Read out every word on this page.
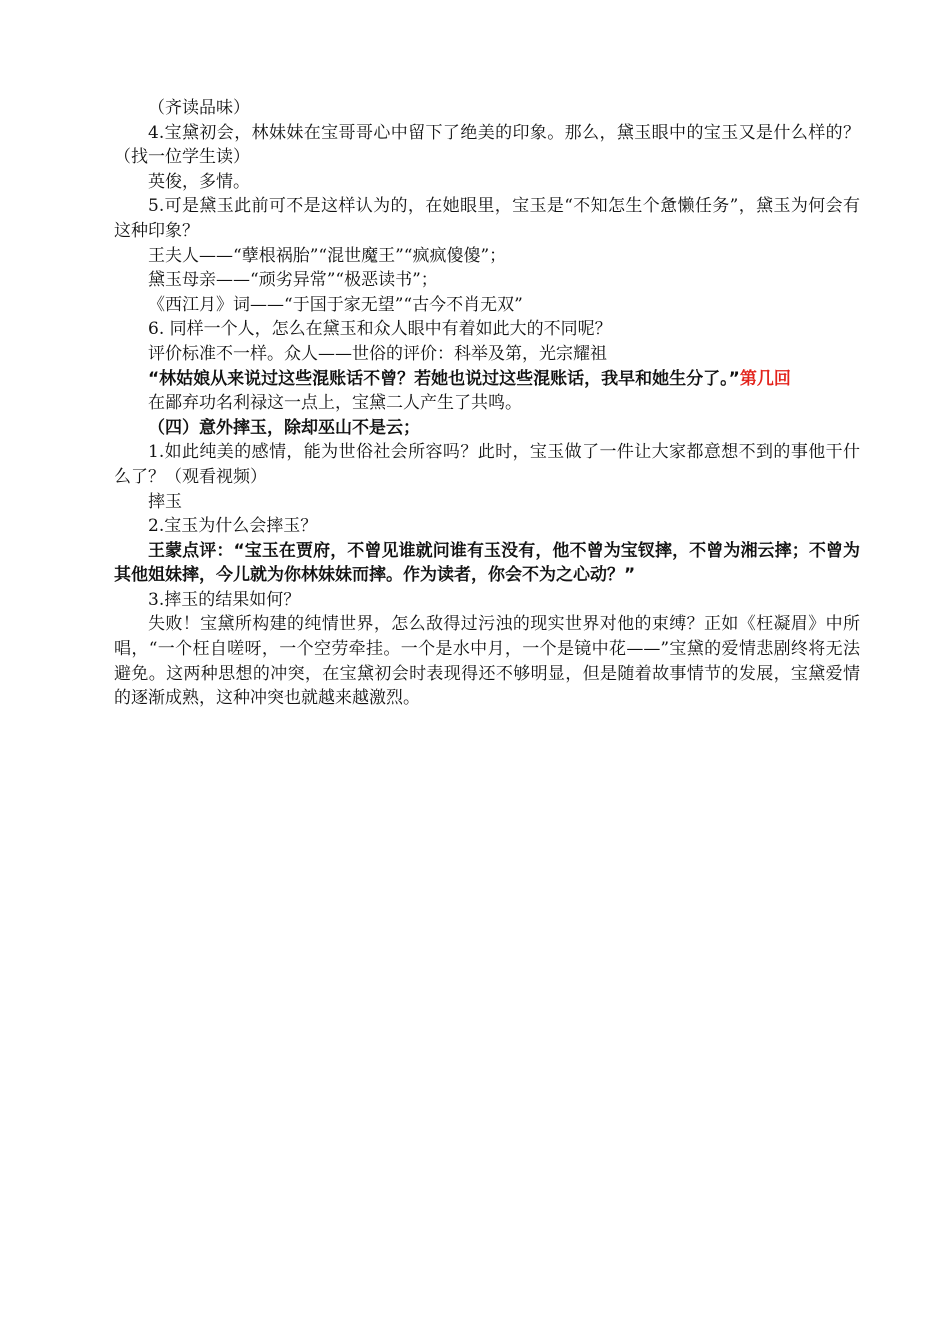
（齐读品味）

4.宝黛初会，林妹妹在宝哥哥心中留下了绝美的印象。那么，黛玉眼中的宝玉又是什么样的？（找一位学生读）

英俊，多情。

5.可是黛玉此前可不是这样认为的，在她眼里，宝玉是“不知怎生个惫懒任务”，黛玉为何会有这种印象？

王夫人——“孽根祸胎”“混世魔王”“疯疯傻傻”；

黛玉母亲——“顽劣异常”“极恶读书”；

《西江月》词——“于国于家无望”“古今不肖无双”

6. 同样一个人，怎么在黛玉和众人眼中有着如此大的不同呢？

评价标准不一样。众人——世俗的评价：科举及第，光宗耀祖

“林姑娘从来说过这些混账话不曾？若她也说过这些混账话，我早和她生分了。”第几回

在鄙弃功名利禄这一点上，宝黛二人产生了共鸣。

（四）意外摔玉，除却巫山不是云；

1.如此纯美的感情，能为世俗社会所容吗？此时，宝玉做了一件让大家都意想不到的事他干什么了？（观看视频）

摔玉

2.宝玉为什么会摔玉？

王蒙点评：“宝玉在贾府，不曾见谁就问谁有玉没有，他不曾为宝钗摔，不曾为湘云摔；不曾为其他姐妹摔，今儿就为你林妹妹而摔。作为读者，你会不为之心动？”

3.摔玉的结果如何？

失败！宝黛所构建的纯情世界，怎么敌得过污浊的现实世界对他的束缚？正如《枉凝眉》中所唱，“一个枉自嗟呀，一个空劳牵挂。一个是水中月，一个是镜中花——”宝黛的爱情悲剧终将无法避免。这两种思想的冲突，在宝黛初会时表现得还不够明显，但是随着故事情节的发展，宝黛爱情的逐渐成熟，这种冲突也就越来越激烈。
